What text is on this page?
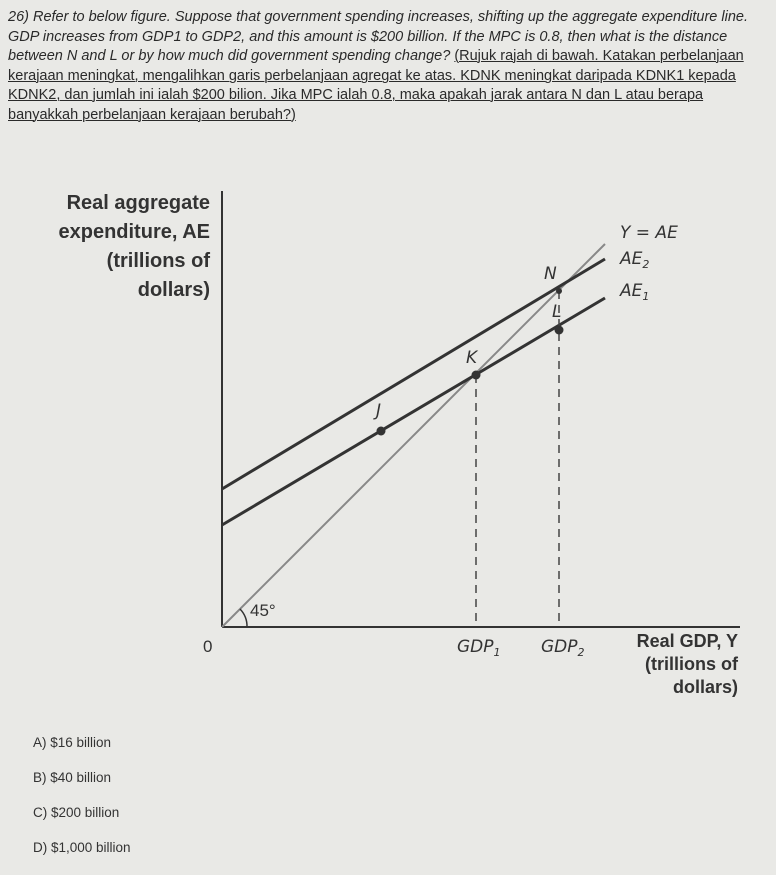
26) Refer to below figure. Suppose that government spending increases, shifting up the aggregate expenditure line. GDP increases from GDP1 to GDP2, and this amount is $200 billion. If the MPC is 0.8, then what is the distance between N and L or by how much did government spending change? (Rujuk rajah di bawah. Katakan perbelanjaan kerajaan meningkat, mengalihkan garis perbelanjaan agregat ke atas. KDNK meningkat daripada KDNK1 kepada KDNK2, dan jumlah ini ialah $200 bilion. Jika MPC ialah 0.8, maka apakah jarak antara N dan L atau berapa banyakkah perbelanjaan kerajaan berubah?)

Real aggregate
expenditure, AE
(trillions of
dollars)

Y = AE
$AE_2$
$AE_1$
N
L
K
J
0
45°
$GDP_1$ $GDP_2$

Real GDP, Y
(trillions of
dollars)

A) $16 billion
B) $40 billion
C) $200 billion
D) $1,000 billion
